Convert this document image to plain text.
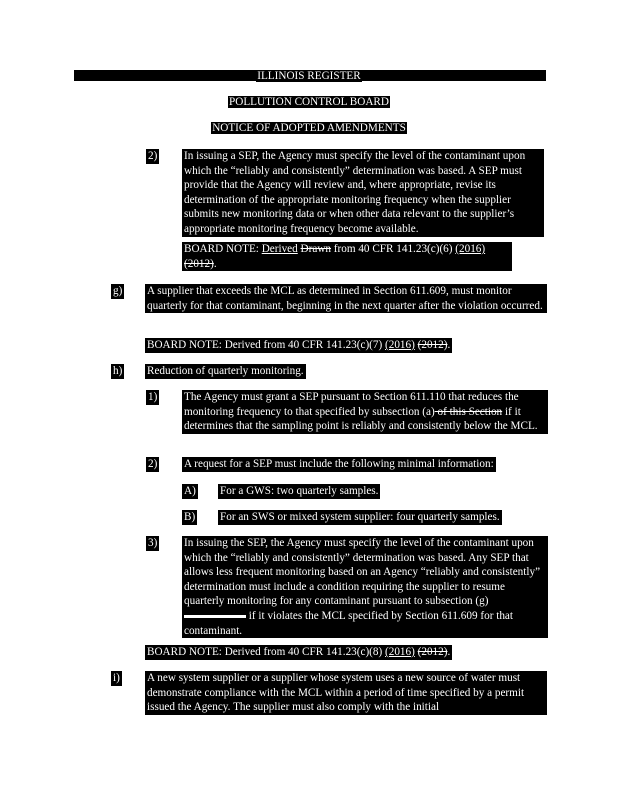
ILLINOIS REGISTER
POLLUTION CONTROL BOARD
NOTICE OF ADOPTED AMENDMENTS
2) In issuing a SEP, the Agency must specify the level of the contaminant upon which the “reliably and consistently” determination was based. A SEP must provide that the Agency will review and, where appropriate, revise its determination of the appropriate monitoring frequency when the supplier submits new monitoring data or when other data relevant to the supplier’s appropriate monitoring frequency become available.
BOARD NOTE: Derived Drawn from 40 CFR 141.23(c)(6) (2016) (2012).
g) A supplier that exceeds the MCL as determined in Section 611.609, must monitor quarterly for that contaminant, beginning in the next quarter after the violation occurred.
BOARD NOTE: Derived from 40 CFR 141.23(c)(7) (2016) (2012).
h) Reduction of quarterly monitoring.
1) The Agency must grant a SEP pursuant to Section 611.110 that reduces the monitoring frequency to that specified by subsection (a) of this Section if it determines that the sampling point is reliably and consistently below the MCL.
2) A request for a SEP must include the following minimal information:
A) For a GWS: two quarterly samples.
B) For an SWS or mixed system supplier: four quarterly samples.
3) In issuing the SEP, the Agency must specify the level of the contaminant upon which the “reliably and consistently” determination was based. Any SEP that allows less frequent monitoring based on an Agency “reliably and consistently” determination must include a condition requiring the supplier to resume quarterly monitoring for any contaminant pursuant to subsection (g)  if it violates the MCL specified by Section 611.609 for that contaminant.
BOARD NOTE: Derived from 40 CFR 141.23(c)(8) (2016) (2012).
i) A new system supplier or a supplier whose system uses a new source of water must demonstrate compliance with the MCL within a period of time specified by a permit issued the Agency. The supplier must also comply with the initial
